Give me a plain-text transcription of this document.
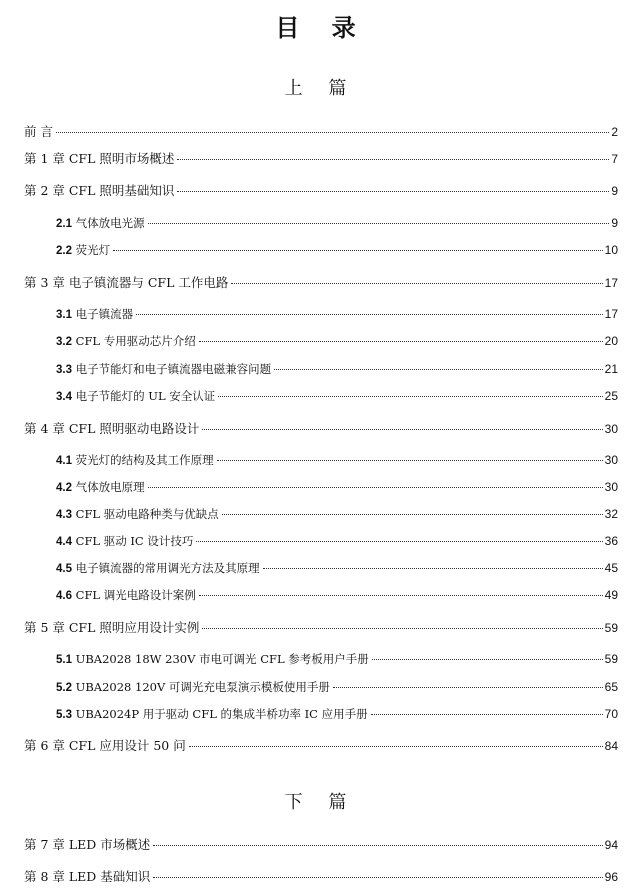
目 录
上 篇
下 篇
前 言	2
第 1 章 CFL 照明市场概述	7
第 2 章 CFL 照明基础知识	9
2.1 气体放电光源	9
2.2 荧光灯	10
第 3 章 电子镇流器与 CFL 工作电路	17
3.1 电子镇流器	17
3.2 CFL 专用驱动芯片介绍	20
3.3 电子节能灯和电子镇流器电磁兼容问题	21
3.4 电子节能灯的 UL 安全认证	25
第 4 章 CFL 照明驱动电路设计	30
4.1 荧光灯的结构及其工作原理	30
4.2 气体放电原理	30
4.3 CFL 驱动电路种类与优缺点	32
4.4 CFL 驱动 IC 设计技巧	36
4.5 电子镇流器的常用调光方法及其原理	45
4.6 CFL 调光电路设计案例	49
第 5 章 CFL 照明应用设计实例	59
5.1 UBA2028 18W 230V 市电可调光 CFL 参考板用户手册	59
5.2 UBA2028 120V 可调光充电泵演示模板使用手册	65
5.3 UBA2024P 用于驱动 CFL 的集成半桥功率 IC 应用手册	70
第 6 章 CFL 应用设计 50 问	84
第 7 章 LED 市场概述	94
第 8 章 LED 基础知识	96
